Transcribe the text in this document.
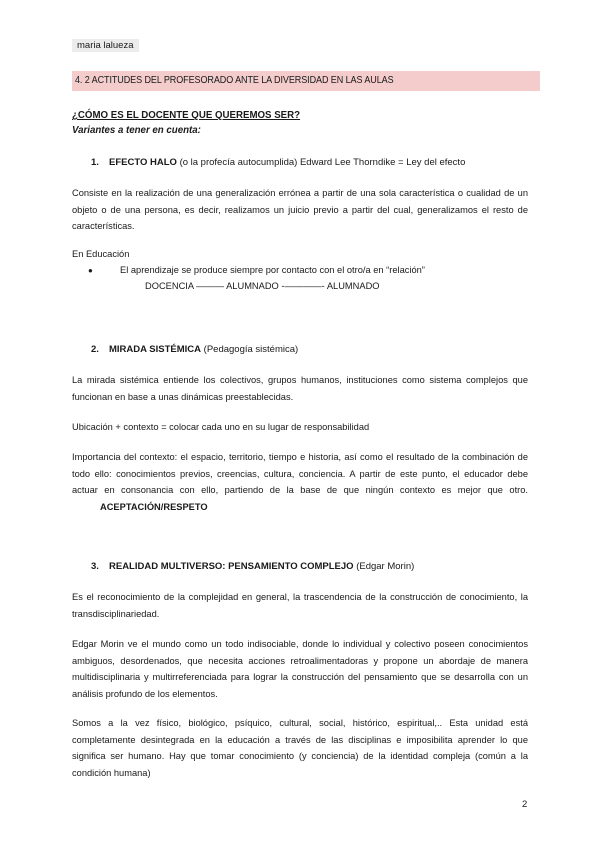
maria lalueza
4. 2 ACTITUDES DEL PROFESORADO ANTE LA DIVERSIDAD EN LAS AULAS
¿CÓMO ES EL DOCENTE QUE QUEREMOS SER?
Variantes a tener en cuenta:
1. EFECTO HALO (o la profecía autocumplida) Edward Lee Thorndike = Ley del efecto
Consiste en la realización de una generalización errónea a partir de una sola característica o cualidad de un objeto o de una persona, es decir, realizamos un juicio previo a partir del cual, generalizamos el resto de características.
En Educación
●	El aprendizaje se produce siempre por contacto con el otro/a en “relación”
DOCENCIA ——— ALUMNADO -————- ALUMNADO
2. MIRADA SISTÉMICA (Pedagogía sistémica)
La mirada sistémica entiende los colectivos, grupos humanos, instituciones como sistema complejos que funcionan en base a unas dinámicas preestablecidas.
Ubicación + contexto = colocar cada uno en su lugar de responsabilidad
Importancia del contexto: el espacio, territorio, tiempo e historia, así como el resultado de la combinación de todo ello: conocimientos previos, creencias, cultura, conciencia. A partir de este punto, el educador debe actuar en consonancia con ello, partiendo de la base de que ningún contexto es mejor que otro. ACEPTACIÓN/RESPETO
3. REALIDAD MULTIVERSO: PENSAMIENTO COMPLEJO (Edgar Morin)
Es el reconocimiento de la complejidad en general, la trascendencia de la construcción de conocimiento, la transdisciplinariedad.
Edgar Morin ve el mundo como un todo indisociable, donde lo individual y colectivo poseen conocimientos ambiguos, desordenados, que necesita acciones retroalimentadoras y propone un abordaje de manera multidisciplinaria y multirreferenciada para lograr la construcción del pensamiento que se desarrolla con un análisis profundo de los elementos.
Somos a la vez físico, biológico, psíquico, cultural, social, histórico, espiritual,.. Esta unidad está completamente desintegrada en la educación a través de las disciplinas e imposibilita aprender lo que significa ser humano. Hay que tomar conocimiento (y conciencia) de la identidad compleja (común a la condición humana)
2
